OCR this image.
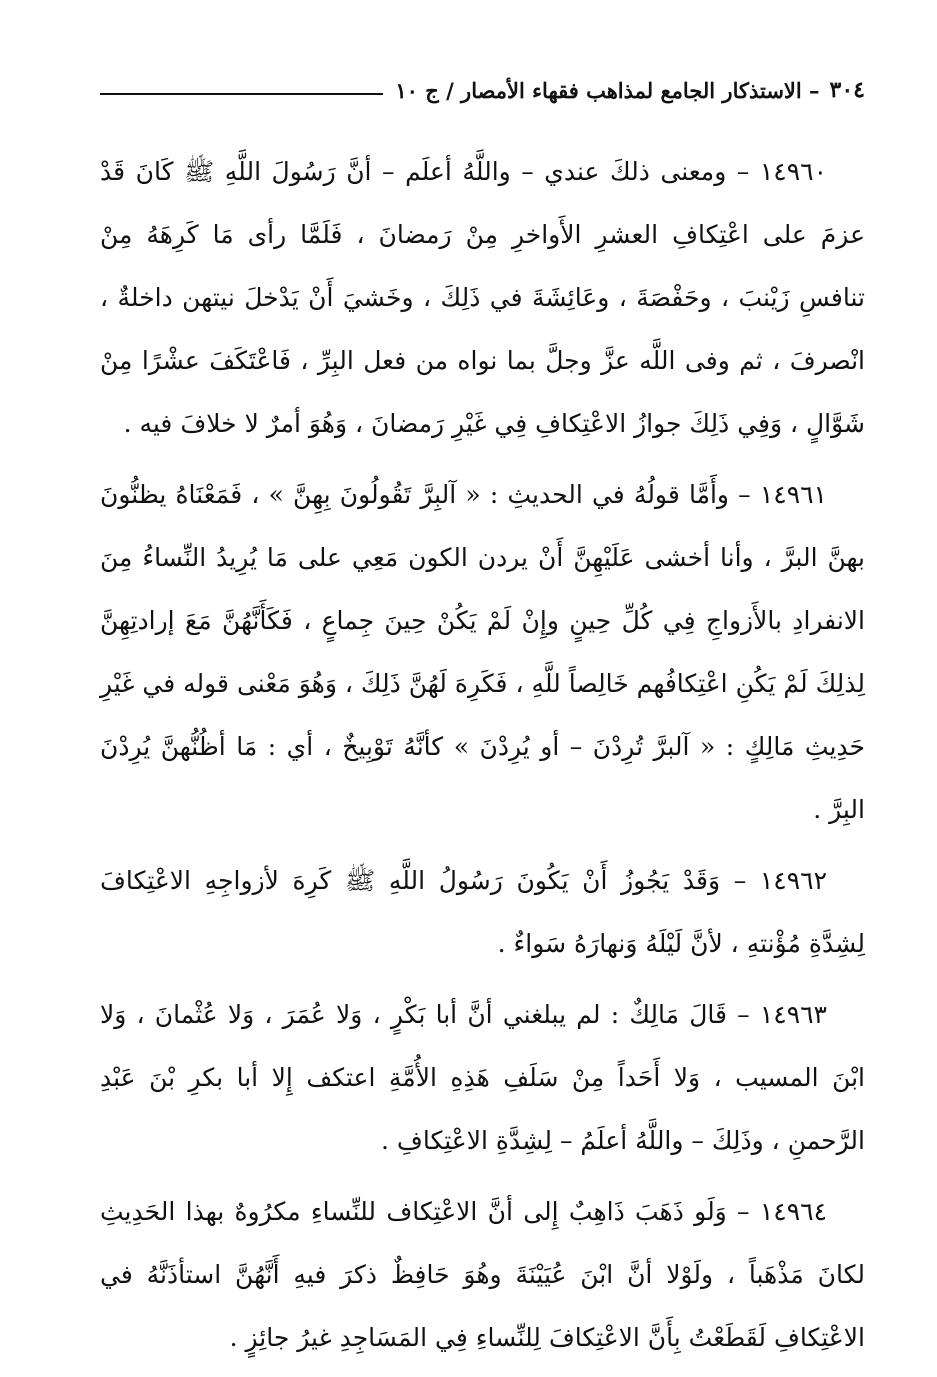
٣٠٤
– الاستذكار الجامع لمذاهب فقهاء الأمصار / ج ١٠

١٤٩٦٠ – ومعنى ذلكَ عندي – واللَّهُ أعلَم – أنَّ رَسُولَ اللَّهِ ﷺ كَانَ قَدْ عزمَ على اعْتِكافِ العشرِ الأَواخرِ مِنْ رَمضانَ ، فَلَمَّا رأى مَا كَرِهَهُ مِنْ تنافسِ زَيْنبَ ، وحَفْصَةَ ، وعَائِشَةَ في ذَلِكَ ، وخَشيَ أَنْ يَدْخلَ نيتهن داخلةٌ ، انْصرفَ ، ثم وفى اللَّه عزَّ وجلَّ بما نواه من فعل البِرِّ ، فَاعْتَكَفَ عشْرًا مِنْ شَوَّالٍ ، وَفِي ذَلِكَ جوازُ الاعْتِكافِ فِي غَيْرِ رَمضانَ ، وَهُوَ أمرٌ لا خلافَ فيه .

١٤٩٦١ – وأَمَّا قولُهُ في الحديثِ : « آلبِرَّ تَقُولُونَ بِهِنَّ » ، فَمَعْنَاهُ يظنُّونَ بهنَّ البرَّ ، وأنا أخشى عَلَيْهِنَّ أَنْ يردن الكون مَعِي على مَا يُرِيدُ النِّساءُ مِنَ الانفرادِ بالأَزواجِ فِي كُلِّ حِينٍ وإِنْ لَمْ يَكُنْ حِينَ جِماعٍ ، فَكَأَنَّهُنَّ مَعَ إرادتِهِنَّ لِذلِكَ لَمْ يَكُنِ اعْتِكافُهم خَالِصاً للَّهِ ، فَكَرِهَ لَهُنَّ ذَلِكَ ، وَهُوَ مَعْنى قوله في غَيْرِ حَدِيثِ مَالِكٍ : « آلبرَّ تُرِدْنَ – أو يُرِدْنَ » كأنَّهُ تَوْبِيخٌ ، أي : مَا أظُنُّهنَّ يُرِدْنَ البِرَّ .

١٤٩٦٢ – وَقَدْ يَجُوزُ أَنْ يَكُونَ رَسُولُ اللَّهِ ﷺ كَرِهَ لأزواجِهِ الاعْتِكافَ لِشِدَّةِ مُؤْنتهِ ، لأنَّ لَيْلَهُ وَنهارَهُ سَواءٌ .

١٤٩٦٣ – قَالَ مَالِكٌ : لم يبلغني أنَّ أبا بَكْرٍ ، وَلا عُمَرَ ، وَلا عُثْمانَ ، وَلا ابْنَ المسيب ، وَلا أَحَداً مِنْ سَلَفِ هَذِهِ الأُمَّةِ اعتكف إِلا أبا بكرِ بْنَ عَبْدِ الرَّحمنِ ، وذَلِكَ – واللَّهُ أعلَمُ – لِشِدَّةِ الاعْتِكافِ .

١٤٩٦٤ – وَلَو ذَهَبَ ذَاهِبٌ إِلى أنَّ الاعْتِكاف للنِّساءِ مكرُوهٌ بهذا الحَدِيثِ لكانَ مَذْهَباً ، ولَوْلا أنَّ ابْنَ عُيَيْنَةَ وهُوَ حَافِظٌ ذكرَ فيهِ أَنَّهُنَّ استأذَنَّهُ في الاعْتِكافِ لَقَطَعْتُ بِأَنَّ الاعْتِكافَ لِلنِّساءِ فِي المَسَاجِدِ غيرُ جائِزٍ .
